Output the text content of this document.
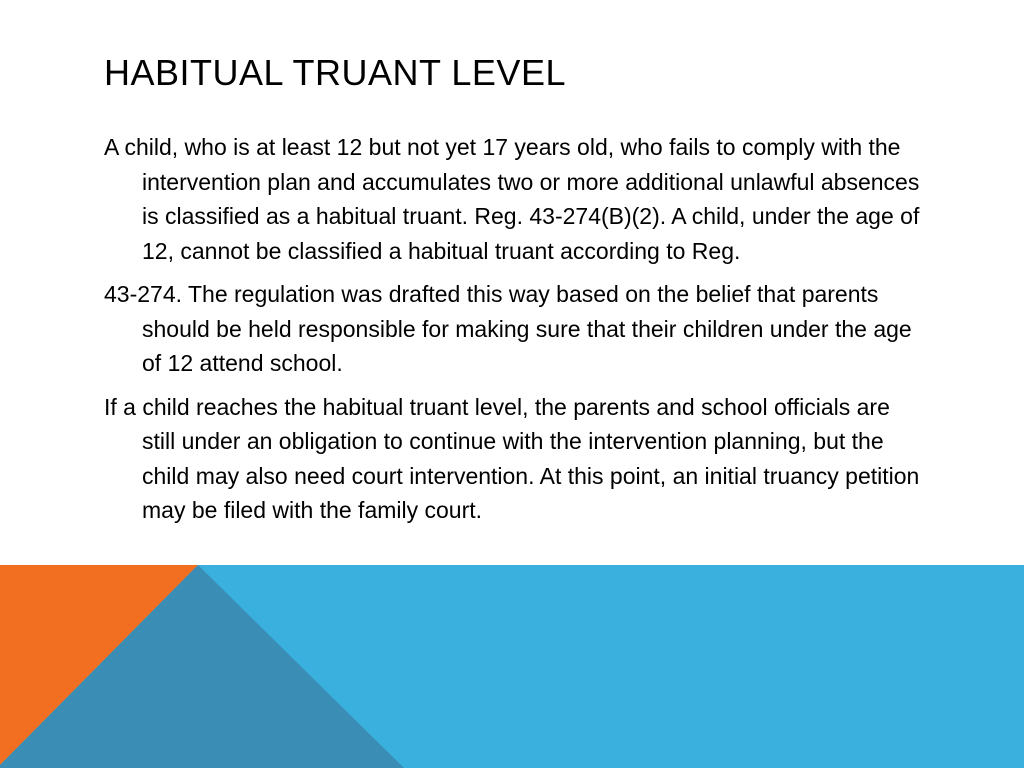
HABITUAL TRUANT LEVEL

A child, who is at least 12 but not yet 17 years old, who fails to comply with the intervention plan and accumulates two or more additional unlawful absences is classified as a habitual truant. Reg. 43-274(B)(2). A child, under the age of 12, cannot be classified a habitual truant according to Reg.

43-274. The regulation was drafted this way based on the belief that parents should be held responsible for making sure that their children under the age of 12 attend school.

If a child reaches the habitual truant level, the parents and school officials are still under an obligation to continue with the intervention planning, but the child may also need court intervention. At this point, an initial truancy petition may be filed with the family court.
